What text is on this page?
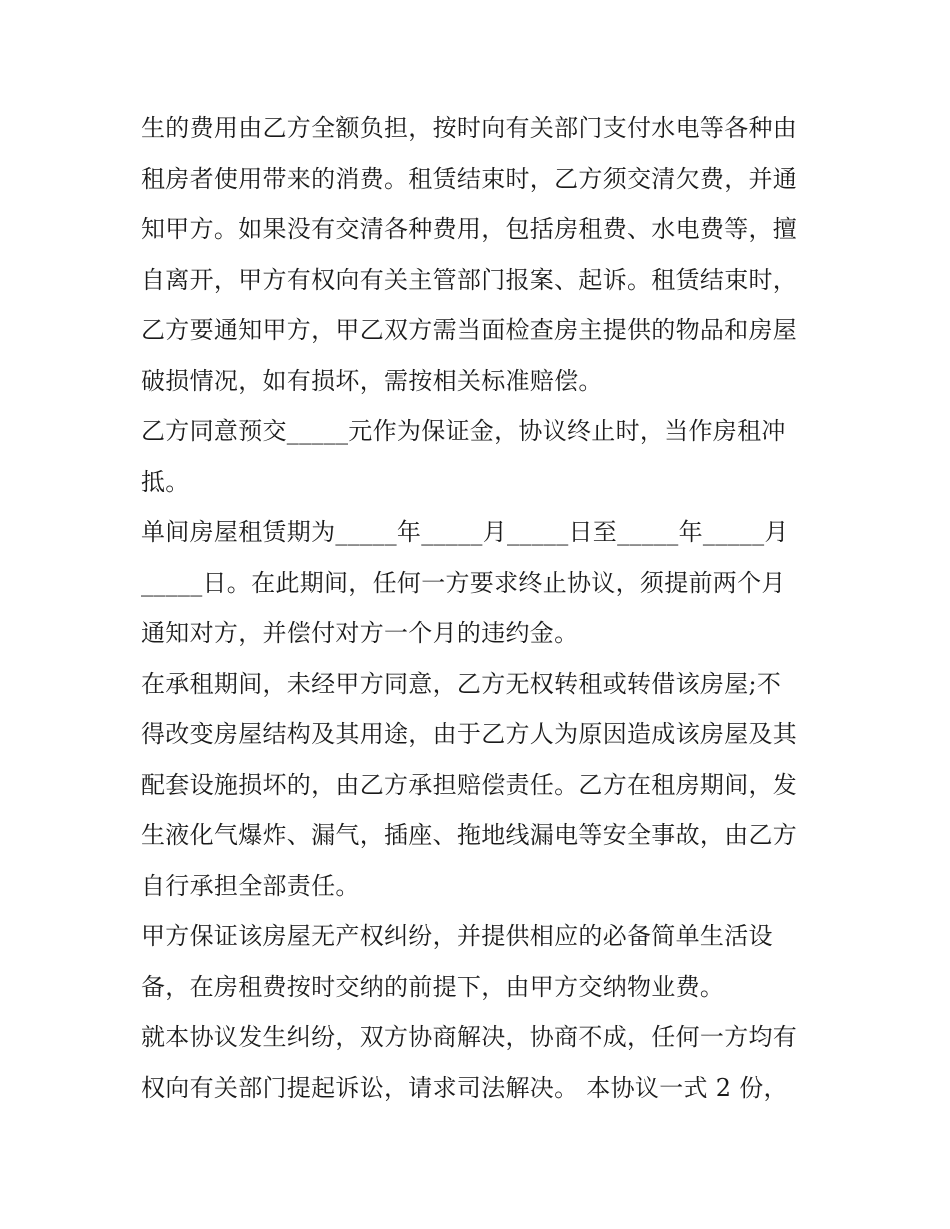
生的费用由乙方全额负担，按时向有关部门支付水电等各种由
租房者使用带来的消费。租赁结束时，乙方须交清欠费，并通
知甲方。如果没有交清各种费用，包括房租费、水电费等，擅
自离开，甲方有权向有关主管部门报案、起诉。租赁结束时，
乙方要通知甲方，甲乙双方需当面检查房主提供的物品和房屋
破损情况，如有损坏，需按相关标准赔偿。

乙方同意预交_____元作为保证金，协议终止时，当作房租冲
抵。

单间房屋租赁期为_____年_____月_____日至_____年_____月
_____日。在此期间，任何一方要求终止协议，须提前两个月
通知对方，并偿付对方一个月的违约金。

在承租期间，未经甲方同意，乙方无权转租或转借该房屋;不
得改变房屋结构及其用途，由于乙方人为原因造成该房屋及其
配套设施损坏的，由乙方承担赔偿责任。乙方在租房期间，发
生液化气爆炸、漏气，插座、拖地线漏电等安全事故，由乙方
自行承担全部责任。

甲方保证该房屋无产权纠纷，并提供相应的必备简单生活设
备，在房租费按时交纳的前提下，由甲方交纳物业费。

就本协议发生纠纷，双方协商解决，协商不成，任何一方均有
权向有关部门提起诉讼，请求司法解决。 本协议一式 2 份，
